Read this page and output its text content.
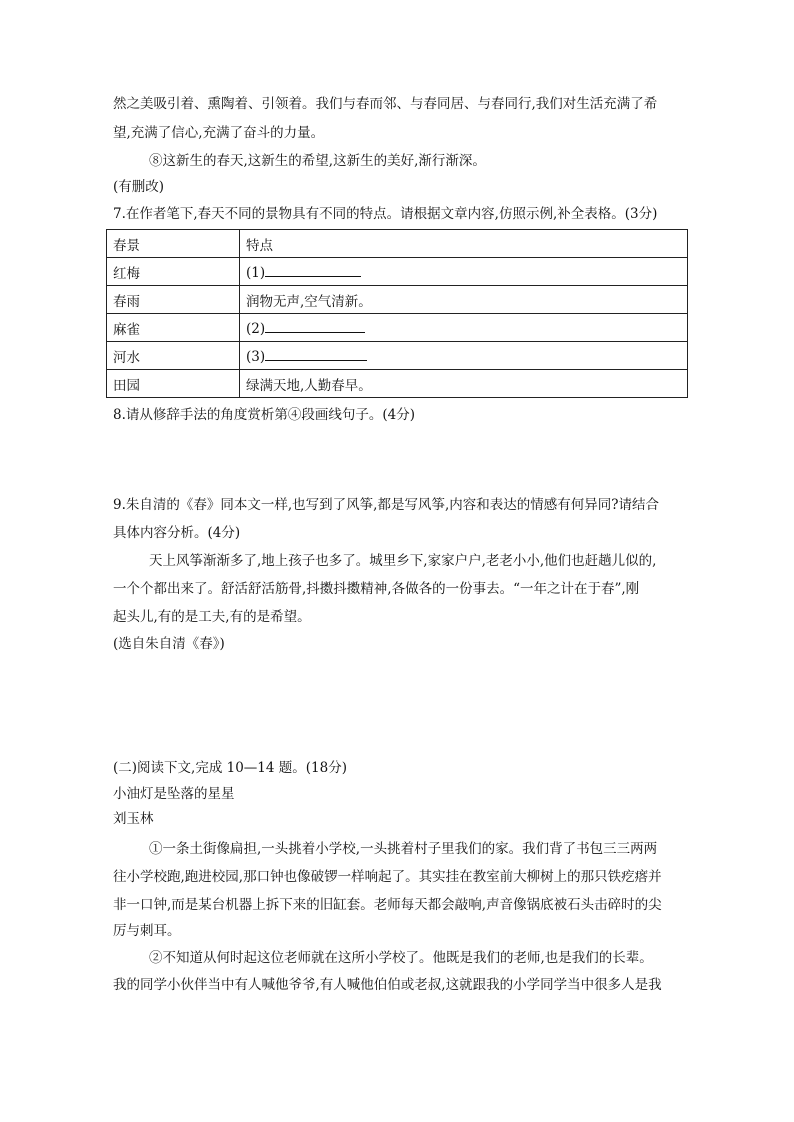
然之美吸引着、熏陶着、引领着。我们与春而邻、与春同居、与春同行,我们对生活充满了希
望,充满了信心,充满了奋斗的力量。
⑧这新生的春天,这新生的希望,这新生的美好,渐行渐深。
(有删改)
7.在作者笔下,春天不同的景物具有不同的特点。请根据文章内容,仿照示例,补全表格。(3分)
春景	特点
红梅	(1)
春雨	润物无声,空气清新。
麻雀	(2)
河水	(3)
田园	绿满天地,人勤春早。
8.请从修辞手法的角度赏析第④段画线句子。(4分)
9.朱自清的《春》同本文一样,也写到了风筝,都是写风筝,内容和表达的情感有何异同?请结合
具体内容分析。(4分)
天上风筝渐渐多了,地上孩子也多了。城里乡下,家家户户,老老小小,他们也赶趟儿似的,
一个个都出来了。舒活舒活筋骨,抖擞抖擞精神,各做各的一份事去。“一年之计在于春”,刚
起头儿,有的是工夫,有的是希望。
(选自朱自清《春》)
(二)阅读下文,完成 10—14 题。(18分)
小油灯是坠落的星星
刘玉林
①一条土街像扁担,一头挑着小学校,一头挑着村子里我们的家。我们背了书包三三两两
往小学校跑,跑进校园,那口钟也像破锣一样响起了。其实挂在教室前大柳树上的那只铁疙瘩并
非一口钟,而是某台机器上拆下来的旧缸套。老师每天都会敲响,声音像锅底被石头击碎时的尖
厉与刺耳。
②不知道从何时起这位老师就在这所小学校了。他既是我们的老师,也是我们的长辈。
我的同学小伙伴当中有人喊他爷爷,有人喊他伯伯或老叔,这就跟我的小学同学当中很多人是我
